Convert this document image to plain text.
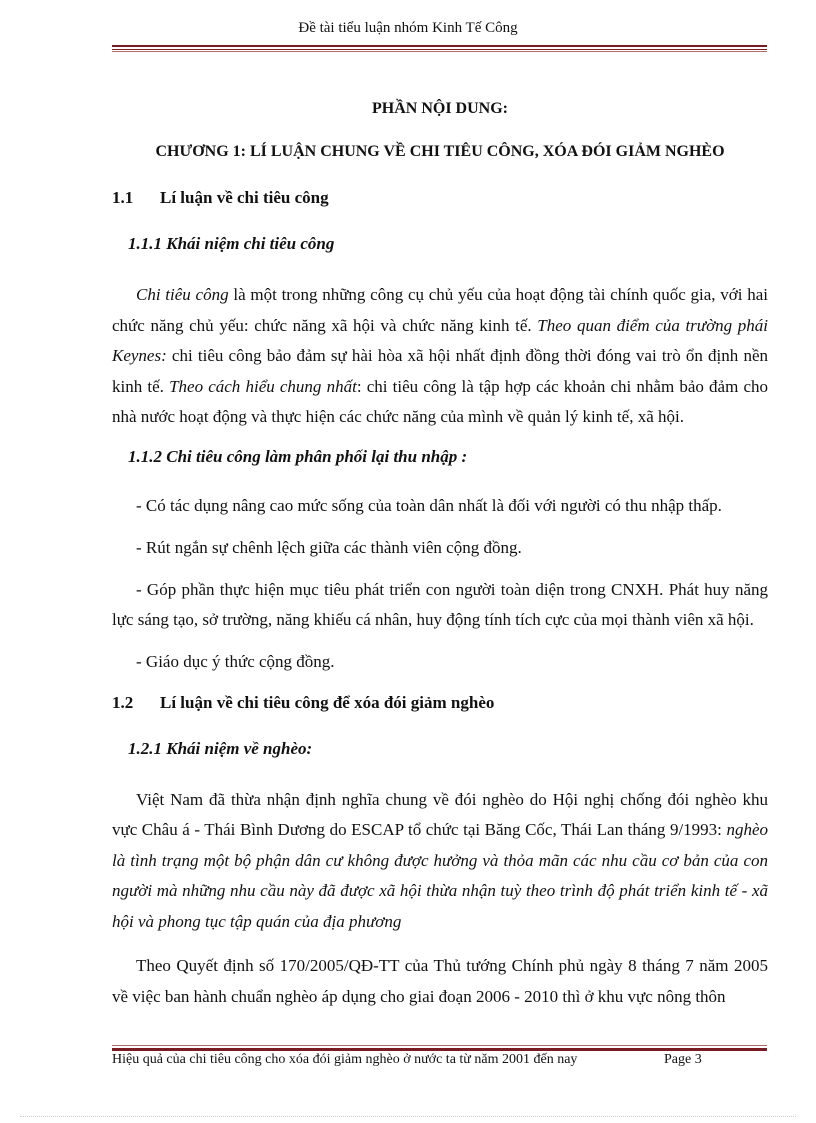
Đề tài tiểu luận nhóm Kinh Tế Công

PHẦN NỘI DUNG:

CHƯƠNG 1: LÍ LUẬN CHUNG VỀ CHI TIÊU CÔNG, XÓA ĐÓI GIẢM NGHÈO

1.1 Lí luận về chi tiêu công

1.1.1 Khái niệm chi tiêu công

Chi tiêu công là một trong những công cụ chủ yếu của hoạt động tài chính quốc gia, với hai chức năng chủ yếu: chức năng xã hội và chức năng kinh tế. Theo quan điểm của trường phái Keynes: chi tiêu công bảo đảm sự hài hòa xã hội nhất định đồng thời đóng vai trò ổn định nền kinh tế. Theo cách hiểu chung nhất: chi tiêu công là tập hợp các khoản chi nhằm bảo đảm cho nhà nước hoạt động và thực hiện các chức năng của mình về quản lý kinh tế, xã hội.

1.1.2 Chi tiêu công làm phân phối lại thu nhập :

- Có tác dụng nâng cao mức sống của toàn dân nhất là đối với người có thu nhập thấp.

- Rút ngắn sự chênh lệch giữa các thành viên cộng đồng.

- Góp phần thực hiện mục tiêu phát triển con người toàn diện trong CNXH. Phát huy năng lực sáng tạo, sở trường, năng khiếu cá nhân, huy động tính tích cực của mọi thành viên xã hội.

- Giáo dục ý thức cộng đồng.

1.2 Lí luận về chi tiêu công để xóa đói giảm nghèo

1.2.1 Khái niệm về nghèo:

Việt Nam đã thừa nhận định nghĩa chung về đói nghèo do Hội nghị chống đói nghèo khu vực Châu á - Thái Bình Dương do ESCAP tổ chức tại Băng Cốc, Thái Lan tháng 9/1993: nghèo là tình trạng một bộ phận dân cư không được hưởng và thỏa mãn các nhu cầu cơ bản của con người mà những nhu cầu này đã được xã hội thừa nhận tuỳ theo trình độ phát triển kinh tế - xã hội và phong tục tập quán của địa phương

Theo Quyết định số 170/2005/QĐ-TT của Thủ tướng Chính phủ ngày 8 tháng 7 năm 2005 về việc ban hành chuẩn nghèo áp dụng cho giai đoạn 2006 - 2010 thì ở khu vực nông thôn

Hiệu quả của chi tiêu công cho xóa đói giảm nghèo ở nước ta từ năm 2001 đến nay	Page 3
